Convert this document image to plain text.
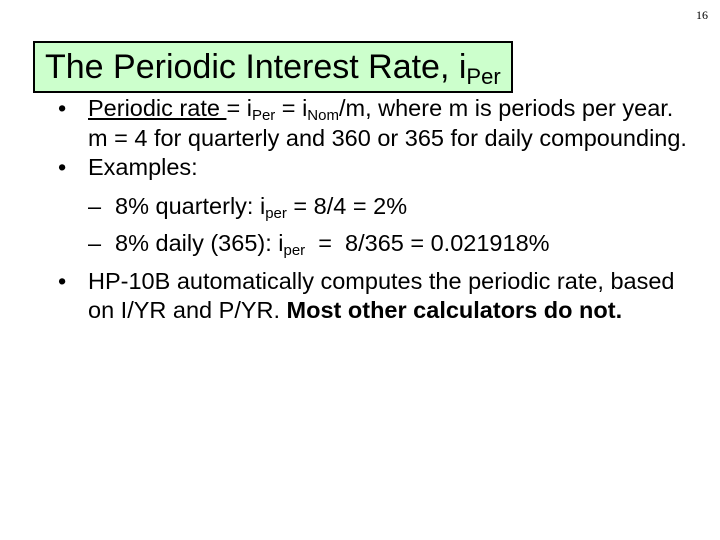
16
The Periodic Interest Rate, $i_{Per}$

• Periodic rate = $i_{Per} = i_{Nom}/m$, where m is periods per year. m = 4 for quarterly and 360 or 365 for daily compounding.

• Examples:

– 8% quarterly: $i_{per} = 8/4 = 2\%$

– 8% daily (365): $i_{per} = 8/365 = 0.021918\%$

• HP-10B automatically computes the periodic rate, based on I/YR and P/YR. Most other calculators do not.
